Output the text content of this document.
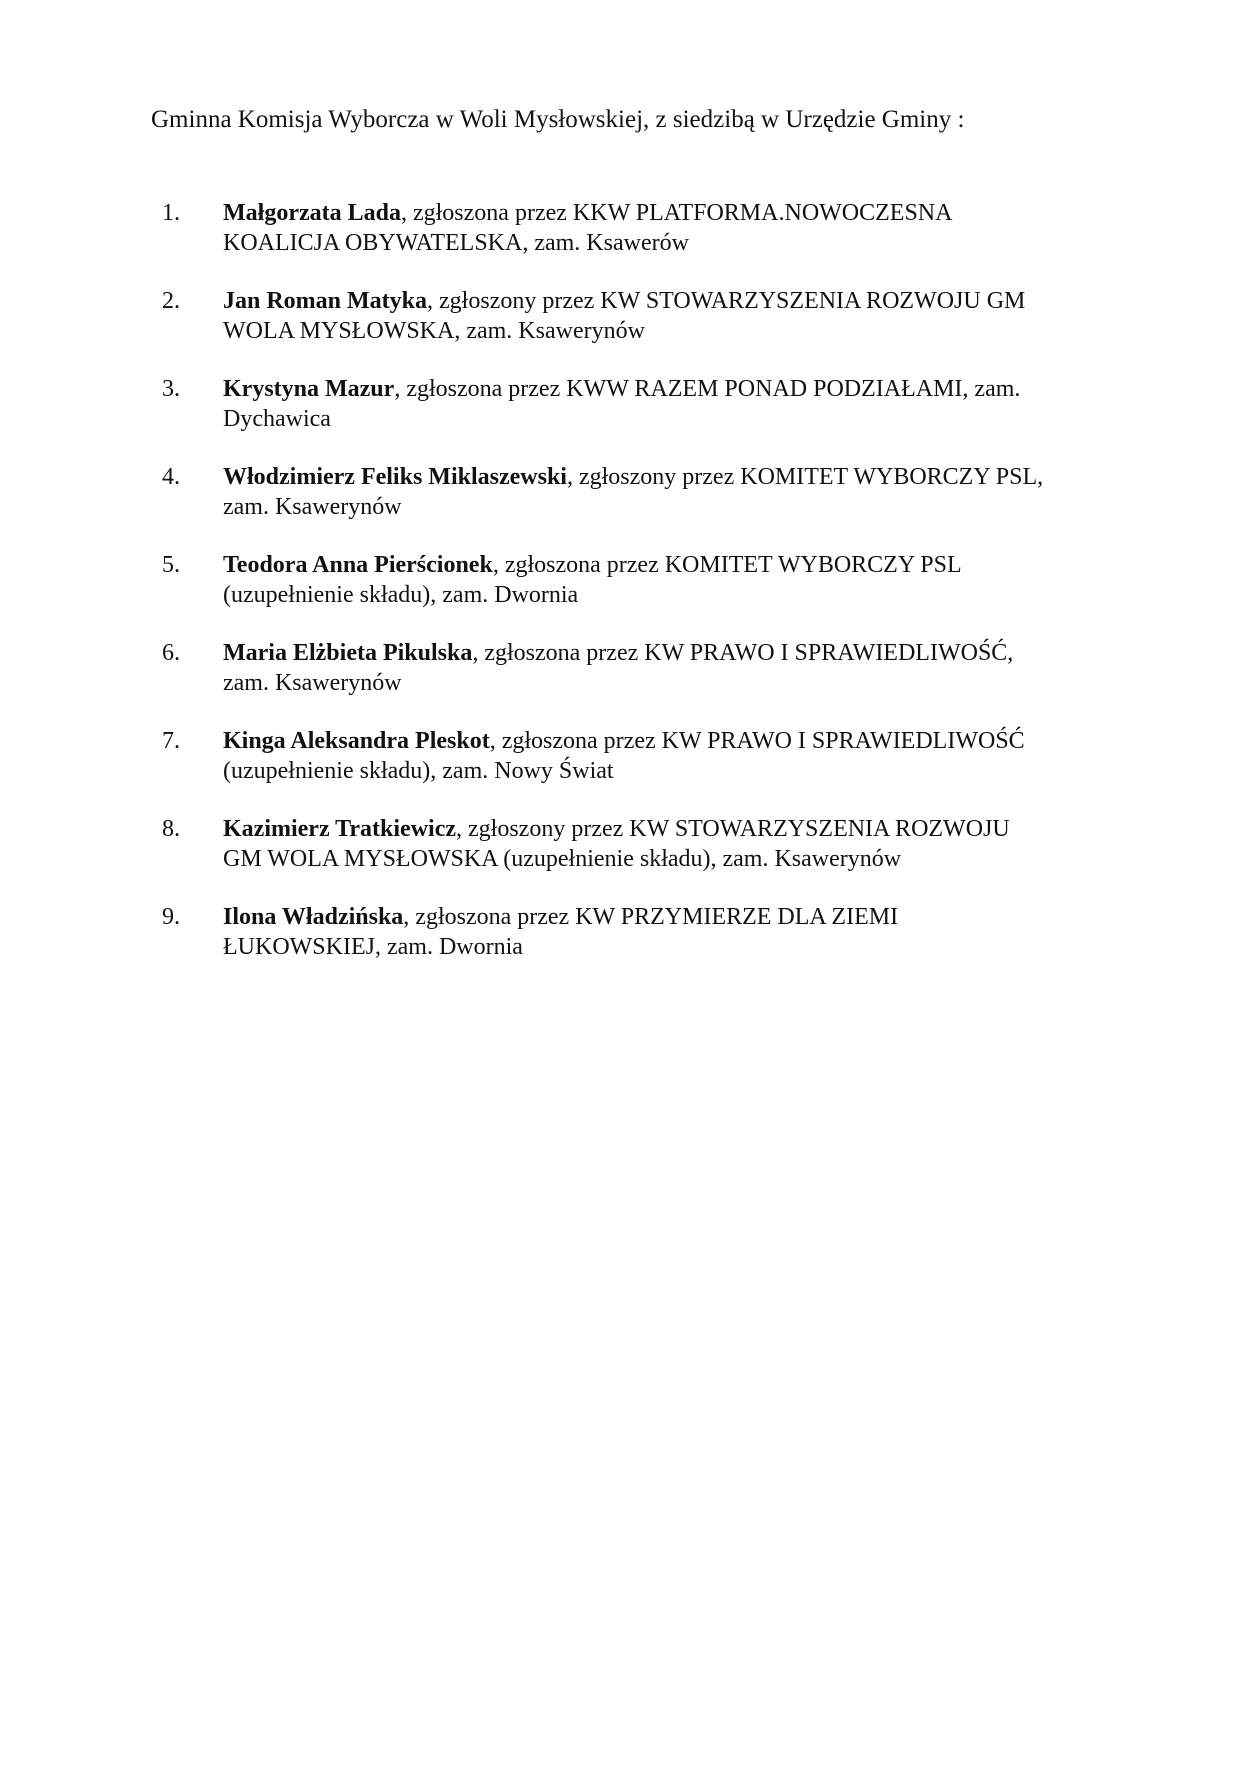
Gminna Komisja Wyborcza w Woli Mysłowskiej, z siedzibą w Urzędzie Gminy :
1. Małgorzata Lada, zgłoszona przez KKW PLATFORMA.NOWOCZESNA
KOALICJA OBYWATELSKA, zam. Ksawerów
2. Jan Roman Matyka, zgłoszony przez KW STOWARZYSZENIA ROZWOJU GM
WOLA MYSŁOWSKA, zam. Ksawerynów
3. Krystyna Mazur, zgłoszona przez KWW RAZEM PONAD PODZIAŁAMI, zam.
Dychawica
4. Włodzimierz Feliks Miklaszewski, zgłoszony przez KOMITET WYBORCZY PSL,
zam. Ksawerynów
5. Teodora Anna Pierścionek, zgłoszona przez KOMITET WYBORCZY PSL
(uzupełnienie składu), zam. Dwornia
6. Maria Elżbieta Pikulska, zgłoszona przez KW PRAWO I SPRAWIEDLIWOŚĆ,
zam. Ksawerynów
7. Kinga Aleksandra Pleskot, zgłoszona przez KW PRAWO I SPRAWIEDLIWOŚĆ
(uzupełnienie składu), zam. Nowy Świat
8. Kazimierz Tratkiewicz, zgłoszony przez KW STOWARZYSZENIA ROZWOJU
GM WOLA MYSŁOWSKA (uzupełnienie składu), zam. Ksawerynów
9. Ilona Władzińska, zgłoszona przez KW PRZYMIERZE DLA ZIEMI
ŁUKOWSKIEJ, zam. Dwornia
